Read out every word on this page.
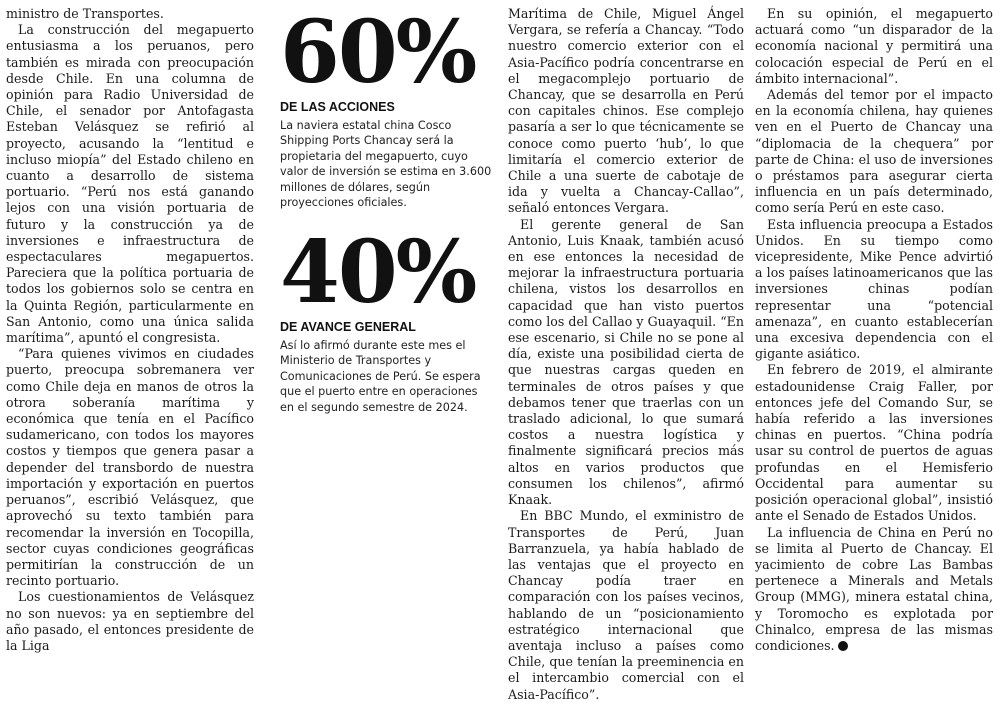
ministro de Transportes.

La construcción del megapuerto entusiasma a los peruanos, pero también es mirada con preocupación desde Chile. En una columna de opinión para Radio Universidad de Chile, el senador por Antofagasta Esteban Velásquez se refirió al proyecto, acusando la “lentitud e incluso miopía” del Estado chileno en cuanto a desarrollo de sistema portuario. “Perú nos está ganando lejos con una visión portuaria de futuro y la construcción ya de inversiones e infraestructura de espectaculares megapuertos. Pareciera que la política portuaria de todos los gobiernos solo se centra en la Quinta Región, particularmente en San Antonio, como una única salida marítima”, apuntó el congresista.

“Para quienes vivimos en ciudades puerto, preocupa sobremanera ver como Chile deja en manos de otros la otrora soberanía marítima y económica que tenía en el Pacífico sudamericano, con todos los mayores costos y tiempos que genera pasar a depender del transbordo de nuestra importación y exportación en puertos peruanos”, escribió Velásquez, que aprovechó su texto también para recomendar la inversión en Tocopilla, sector cuyas condiciones geográficas permitirían la construcción de un recinto portuario.

Los cuestionamientos de Velásquez no son nuevos: ya en septiembre del año pasado, el entonces presidente de la Liga

60%
DE LAS ACCIONES

La naviera estatal china Cosco Shipping Ports Chancay será la propietaria del megapuerto, cuyo valor de inversión se estima en 3.600 millones de dólares, según proyecciones oficiales.

40%
DE AVANCE GENERAL

Así lo afirmó durante este mes el Ministerio de Transportes y Comunicaciones de Perú. Se espera que el puerto entre en operaciones en el segundo semestre de 2024.

Marítima de Chile, Miguel Ángel Vergara, se refería a Chancay. “Todo nuestro comercio exterior con el Asia-Pacífico podría concentrarse en el megacomplejo portuario de Chancay, que se desarrolla en Perú con capitales chinos. Ese complejo pasaría a ser lo que técnicamente se conoce como puerto ‘hub’, lo que limitaría el comercio exterior de Chile a una suerte de cabotaje de ida y vuelta a Chancay-Callao”, señaló entonces Vergara.

El gerente general de San Antonio, Luis Knaak, también acusó en ese entonces la necesidad de mejorar la infraestructura portuaria chilena, vistos los desarrollos en capacidad que han visto puertos como los del Callao y Guayaquil. “En ese escenario, si Chile no se pone al día, existe una posibilidad cierta de que nuestras cargas queden en terminales de otros países y que debamos tener que traerlas con un traslado adicional, lo que sumará costos a nuestra logística y finalmente significará precios más altos en varios productos que consumen los chilenos”, afirmó Knaak.

En BBC Mundo, el exministro de Transportes de Perú, Juan Barranzuela, ya había hablado de las ventajas que el proyecto en Chancay podía traer en comparación con los países vecinos, hablando de un “posicionamiento estratégico internacional que aventaja incluso a países como Chile, que tenían la preeminencia en el intercambio comercial con el Asia-Pacífico”.

En su opinión, el megapuerto actuará como “un disparador de la economía nacional y permitirá una colocación especial de Perú en el ámbito internacional”.

Además del temor por el impacto en la economía chilena, hay quienes ven en el Puerto de Chancay una “diplomacia de la chequera” por parte de China: el uso de inversiones o préstamos para asegurar cierta influencia en un país determinado, como sería Perú en este caso.

Esta influencia preocupa a Estados Unidos. En su tiempo como vicepresidente, Mike Pence advirtió a los países latinoamericanos que las inversiones chinas podían representar una “potencial amenaza”, en cuanto establecerían una excesiva dependencia con el gigante asiático.

En febrero de 2019, el almirante estadounidense Craig Faller, por entonces jefe del Comando Sur, se había referido a las inversiones chinas en puertos. “China podría usar su control de puertos de aguas profundas en el Hemisferio Occidental para aumentar su posición operacional global”, insistió ante el Senado de Estados Unidos.

La influencia de China en Perú no se limita al Puerto de Chancay. El yacimiento de cobre Las Bambas pertenece a Minerals and Metals Group (MMG), minera estatal china, y Toromocho es explotada por Chinalco, empresa de las mismas condiciones.
